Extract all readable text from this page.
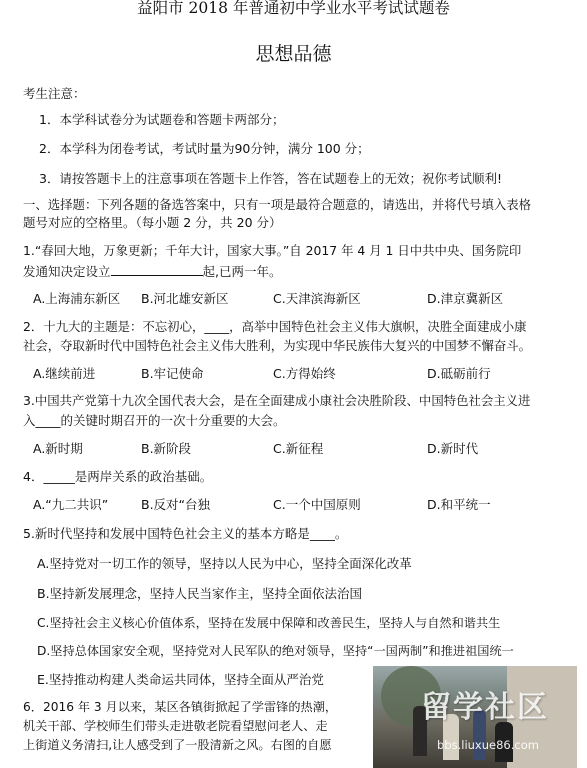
益阳市 2018 年普通初中学业水平考试试题卷
思想品德
考生注意：
1．本学科试卷分为试题卷和答题卡两部分；
2．本学科为闭卷考试，考试时量为90分钟，满分 100 分；
3．请按答题卡上的注意事项在答题卡上作答，答在试题卷上的无效；祝你考试顺利!
一、选择题：下列各题的备选答案中，只有一项是最符合题意的，请选出，并将代号填入表格
题号对应的空格里。（每小题 2 分，共 20 分）
1.“春回大地，万象更新；千年大计，国家大事。”自 2017 年 4 月 1 日中共中央、国务院印
发通知决定设立	起,已两一年。
A.上海浦东新区 B.河北雄安新区	C.天津滨海新区	D.津京冀新区
2．十九大的主题是：不忘初心，____，高举中国特色社会主义伟大旗帜，决胜全面建成小康
社会，夺取新时代中国特色社会主义伟大胜利，为实现中华民族伟大复兴的中国梦不懈奋斗。
A.继续前进	B.牢记使命	C.方得始终	D.砥砺前行
3.中国共产党第十九次全国代表大会，是在全面建成小康社会决胜阶段、中国特色社会主义进
入____的关键时期召开的一次十分重要的大会。
A.新时期	B.新阶段	C.新征程	D.新时代
4．_____是两岸关系的政治基础。
A.“九二共识”	B.反对“台独	C.一个中国原则	D.和平统一
5.新时代坚持和发展中国特色社会主义的基本方略是____。
A.坚持党对一切工作的领导，坚持以人民为中心，坚持全面深化改革
B.坚持新发展理念，坚持人民当家作主，坚持全面依法治国
C.坚持社会主义核心价值体系，坚持在发展中保障和改善民生，坚持人与自然和谐共生
D.坚持总体国家安全观，坚持党对人民军队的绝对领导，坚持“一国两制”和推进祖国统一
E.坚持推动构建人类命运共同体，坚持全面从严治党
6．2016 年 3 月以来，某区各镇街掀起了学雷锋的热潮，
机关干部、学校师生们带头走进敬老院看望慰问老人、走
上街道义务清扫,让人感受到了一股清新之风。右图的自愿
留学社区
bbs.liuxue86.com
